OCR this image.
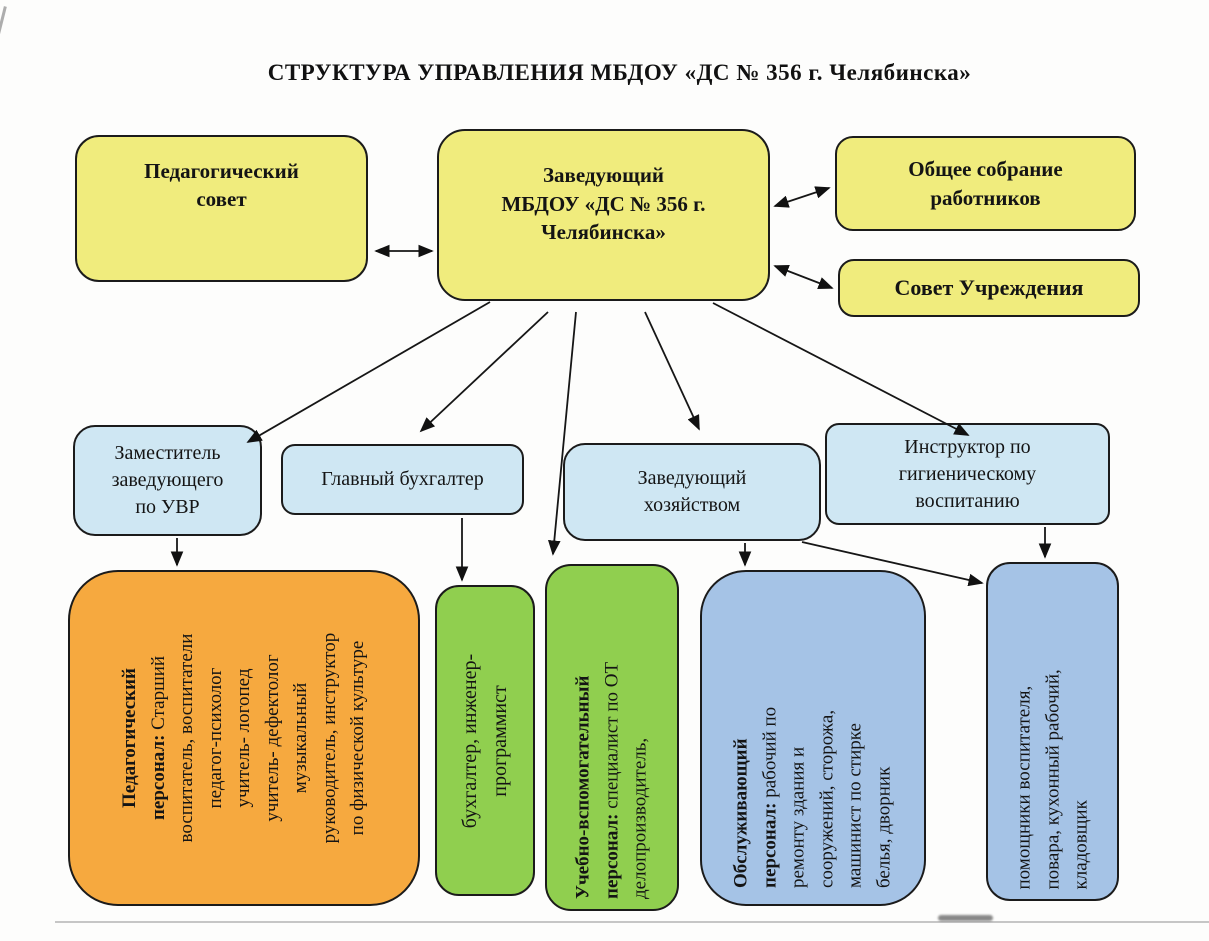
СТРУКТУРА УПРАВЛЕНИЯ МБДОУ «ДС № 356 г. Челябинска»
Педагогический
совет
Заведующий
МБДОУ «ДС № 356 г.
Челябинска»
Общее собрание
работников
Совет Учреждения
Заместитель
заведующего
по УВР
Главный бухгалтер	Заведующий
хозяйством
Инструктор по
гигиеническому
воспитанию
Педагогический персонал: Старший воспитатель, воспитатели педагог-психолог учитель- логопед учитель- дефектолог музыкальный руководитель, инструктор по физической культуре	бухгалтер, инженер- программист	Учебно-вспомогательный персонал: специалист по ОТ
делопроизводитель,	Обслуживающий персонал: рабочий по ремонту здания и сооружений, сторожа, машинист по стирке белья, дворник	помощники воспитателя, повара, кухонный рабочий, кладовщик
